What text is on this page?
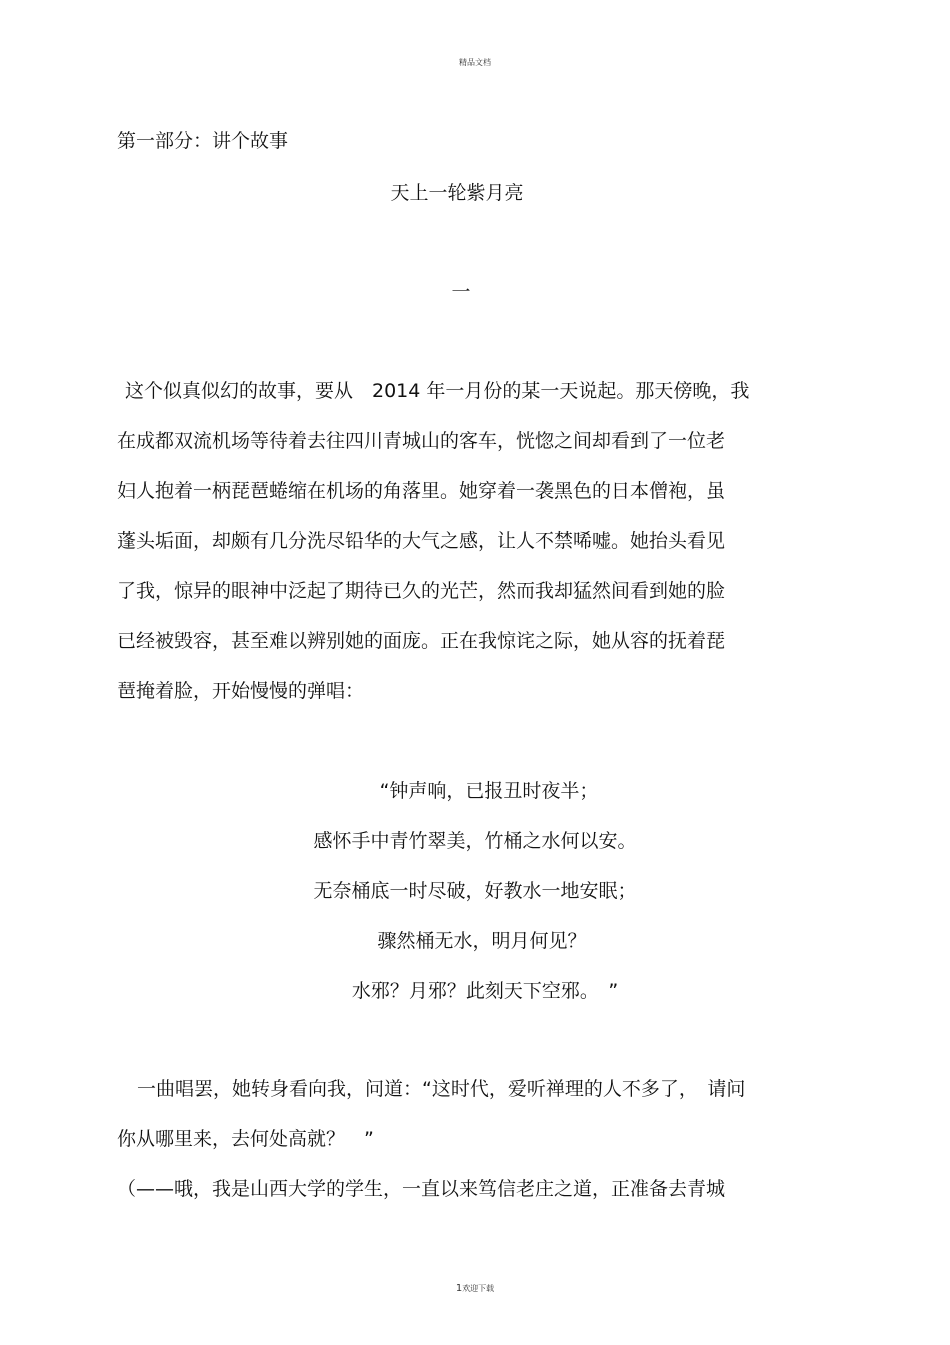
精品文档
第一部分：讲个故事
天上一轮紫月亮
一
这个似真似幻的故事，要从　2014 年一月份的某一天说起。那天傍晚，我
在成都双流机场等待着去往四川青城山的客车，恍惚之间却看到了一位老
妇人抱着一柄琵琶蜷缩在机场的角落里。她穿着一袭黑色的日本僧袍，虽
蓬头垢面，却颇有几分洗尽铅华的大气之感，让人不禁唏嘘。她抬头看见
了我，惊异的眼神中泛起了期待已久的光芒，然而我却猛然间看到她的脸
已经被毁容，甚至难以辨别她的面庞。正在我惊诧之际，她从容的抚着琵
琶掩着脸，开始慢慢的弹唱：
“钟声响，已报丑时夜半；
感怀手中青竹翠美，竹桶之水何以安。
无奈桶底一时尽破，好教水一地安眠；
骤然桶无水，明月何见？
水邪？月邪？此刻天下空邪。　”
一曲唱罢，她转身看向我，问道：“这时代，爱听禅理的人不多了，　请问
你从哪里来，去何处高就？　”
（——哦，我是山西大学的学生，一直以来笃信老庄之道，正准备去青城
1欢迎下载
